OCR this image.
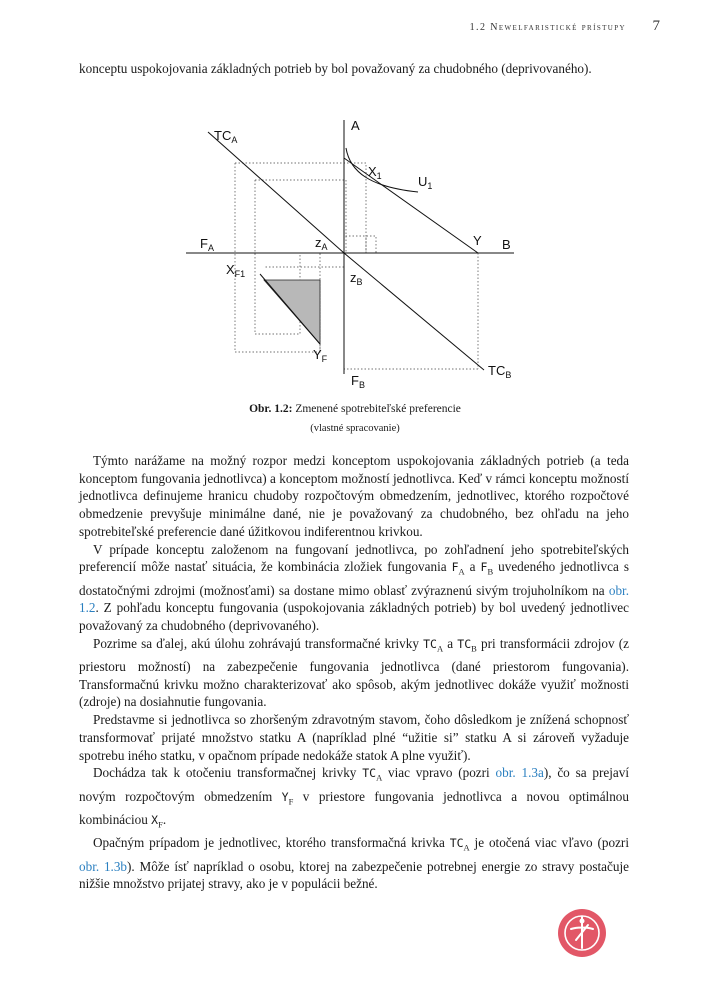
1.2 Newelfaristické prístupy 7

konceptu uspokojovania základných potrieb by bol považovaný za chudobného (deprivovaného).

$TC_A$
A
$X_1$	$U_1$
$F_A$	$z_A$	Y B
$X_{F1}$	$z_B$
$Y_F$
$TC_B$
$F_B$
Obr. 1.2: Zmenené spotrebiteľské preferencie
(vlastné spracovanie)

Týmto narážame na možný rozpor medzi konceptom uspokojovania základných potrieb (a teda konceptom fungovania jednotlivca) a konceptom možností jednotlivca. Keď v rámci konceptu možností jednotlivca definujeme hranicu chudoby rozpočtovým obmedzením, jednotlivec, ktorého rozpočtové obmedzenie prevyšuje minimálne dané, nie je považovaný za chudobného, bez ohľadu na jeho spotrebiteľské preferencie dané úžitkovou indiferentnou krivkou.

V prípade konceptu založenom na fungovaní jednotlivca, po zohľadnení jeho spotrebiteľských preferencií môže nastať situácia, že kombinácia zložiek fungovania $F_A$ a $F_B$ uvedeného jednotlivca s dostatočnými zdrojmi (možnosťami) sa dostane mimo oblasť zvýraznenú sivým trojuholníkom na obr. 1.2. Z pohľadu konceptu fungovania (uspokojovania základných potrieb) by bol uvedený jednotlivec považovaný za chudobného (deprivovaného).

Pozrime sa ďalej, akú úlohu zohrávajú transformačné krivky $TC_A$ a $TC_B$ pri transformácii zdrojov (z priestoru možností) na zabezpečenie fungovania jednotlivca (dané priestorom fungovania). Transformačnú krivku možno charakterizovať ako spôsob, akým jednotlivec dokáže využiť možnosti (zdroje) na dosiahnutie fungovania.

Predstavme si jednotlivca so zhoršeným zdravotným stavom, čoho dôsledkom je znížená schopnosť transformovať prijaté množstvo statku A (napríklad plné “užitie si” statku A si zároveň vyžaduje spotrebu iného statku, v opačnom prípade nedokáže statok A plne využiť).

Dochádza tak k otočeniu transformačnej krivky $TC_A$ viac vpravo (pozri obr. 1.3a), čo sa prejaví novým rozpočtovým obmedzením $Y_F$ v priestore fungovania jednotlivca a novou optimálnou kombináciou $X_F$.

Opačným prípadom je jednotlivec, ktorého transformačná krivka $TC_A$ je otočená viac vľavo (pozri obr. 1.3b). Môže ísť napríklad o osobu, ktorej na zabezpečenie potrebnej energie zo stravy postačuje nižšie množstvo prijatej stravy, ako je v populácii bežné.
